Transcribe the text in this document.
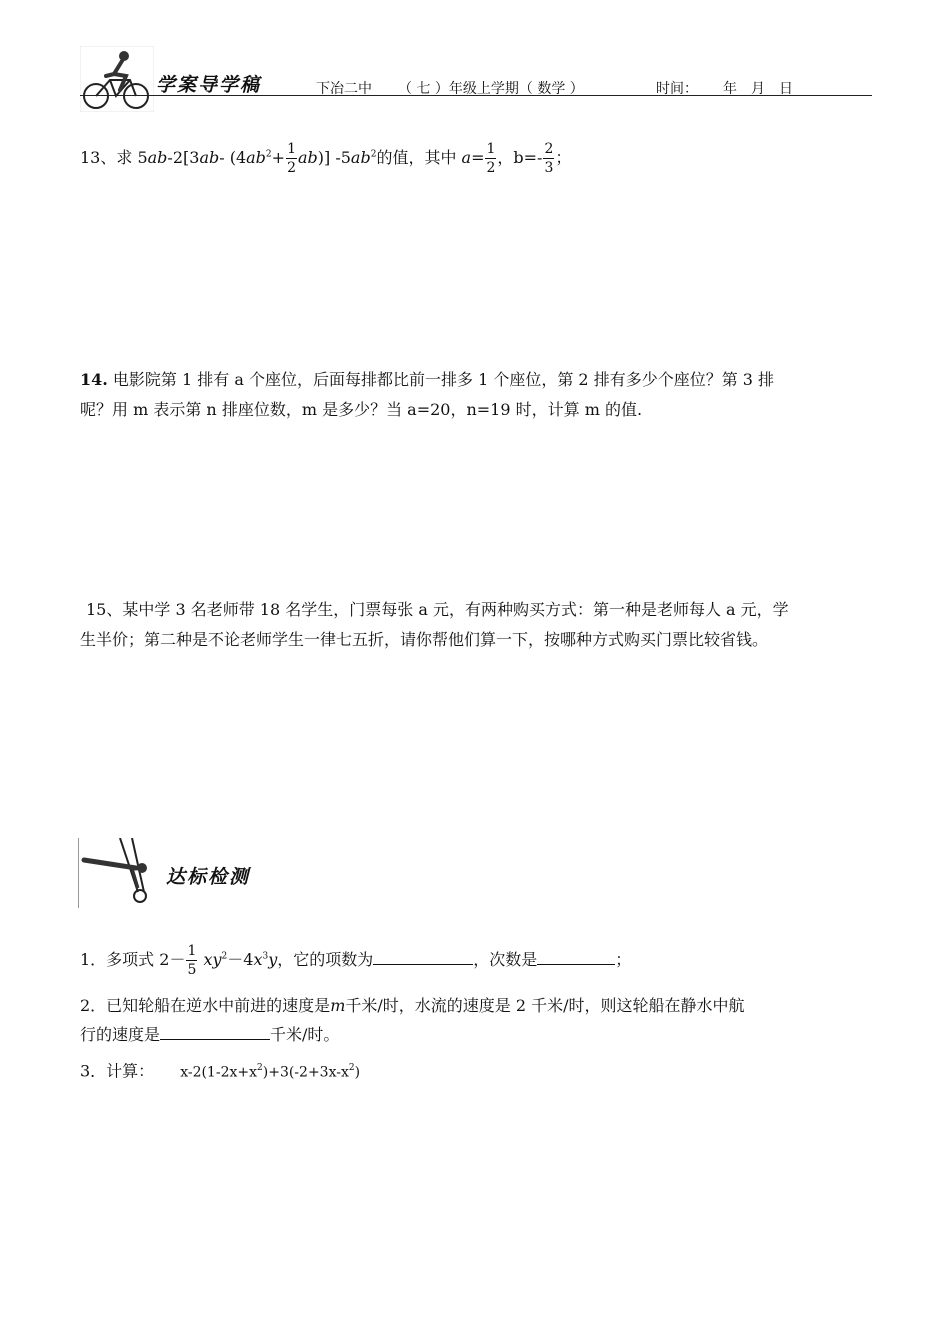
学案导学稿	下冶二中 （ 七 ）年级上学期（ 数学 ）	时间： 年 月 日
13、求 5ab-2[3ab- $(4ab^2+ \frac{1}{2} ab)$] $-5ab^2$的值，其中 $a= \frac{1}{2}$ ，$b=- \frac{2}{3}$ ；
14. 电影院第 1 排有 a 个座位，后面每排都比前一排多 1 个座位，第 2 排有多少个座位？第 3 排
呢？用 m 表示第 n 排座位数，m 是多少？当 a=20，n=19 时，计算 m 的值.
15、某中学 3 名老师带 18 名学生，门票每张 a 元，有两种购买方式：第一种是老师每人 a 元，学
生半价；第二种是不论老师学生一律七五折，请你帮他们算一下，按哪种方式购买门票比较省钱。
达标检测
1．多项式 $2- \frac{1}{5} xy^2-4x^3y$，它的项数为	，次数是	；
2．已知轮船在逆水中前进的速度是m千米/时，水流的速度是 2 千米/时，则这轮船在静水中航
行的速度是	千米/时。
3．计算： $x-2(1-2x+x^2)+3(-2+3x-x^2)$
